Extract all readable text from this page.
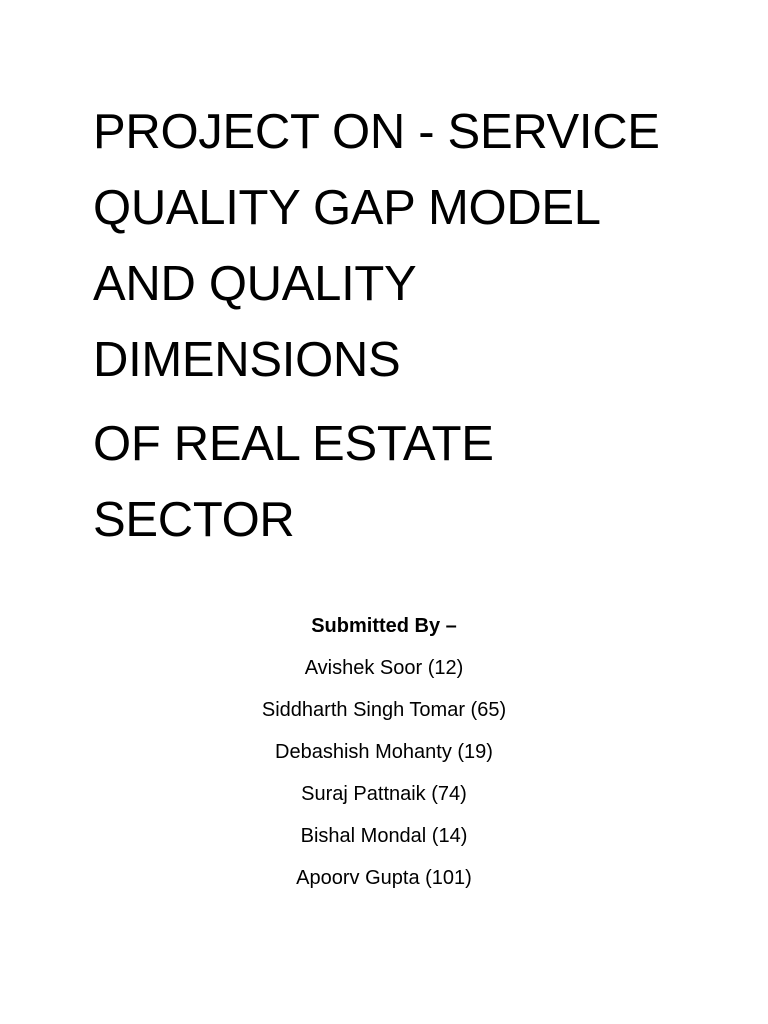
PROJECT ON - SERVICE
QUALITY GAP MODEL
AND QUALITY
DIMENSIONS
OF REAL ESTATE
SECTOR
Submitted By –
Avishek Soor (12)
Siddharth Singh Tomar (65)
Debashish Mohanty (19)
Suraj Pattnaik (74)
Bishal Mondal (14)
Apoorv Gupta (101)
